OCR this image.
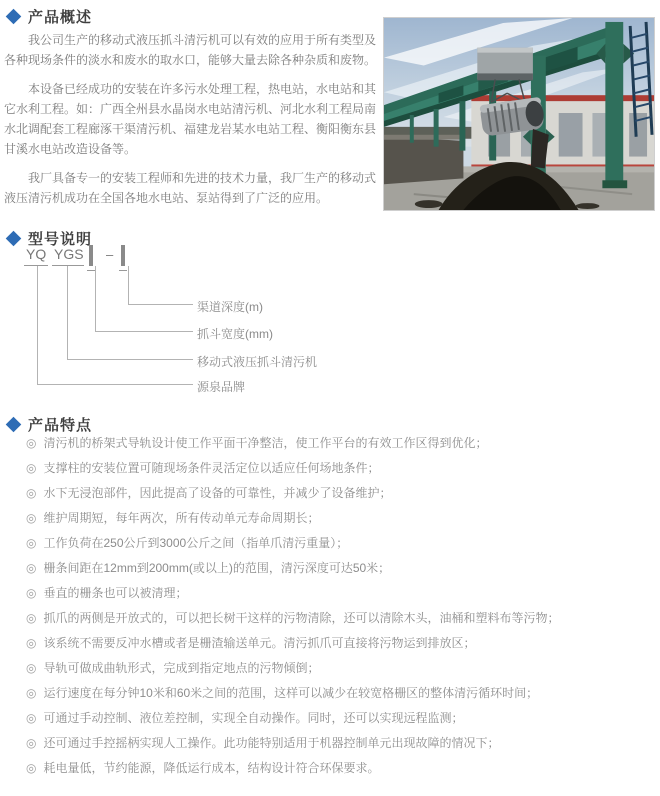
产品概述

我公司生产的移动式液压抓斗清污机可以有效的应用于所有类型及各种现场条件的淡水和废水的取水口，能够大量去除各种杂质和废物。

本设备已经成功的安装在许多污水处理工程，热电站，水电站和其它水利工程。如：广西全州县水晶岗水电站清污机、河北水利工程局南水北调配套工程廊涿干渠清污机、福建龙岩某水电站工程、衡阳衡东县甘溪水电站改造设备等。

我厂具备专一的安装工程师和先进的技术力量，我厂生产的移动式液压清污机成功在全国各地水电站、泵站得到了广泛的应用。

型号说明
YQ YGS –
渠道深度(m)
抓斗宽度(mm)
移动式液压抓斗清污机
源泉品牌
产品特点
◎ 清污机的桥架式导轨设计使工作平面干净整洁，使工作平台的有效工作区得到优化；
◎ 支撑柱的安装位置可随现场条件灵活定位以适应任何场地条件；
◎ 水下无浸泡部件，因此提高了设备的可靠性，并减少了设备维护；
◎ 维护周期短，每年两次，所有传动单元寿命周期长；
◎ 工作负荷在250公斤到3000公斤之间（指单爪清污重量）；
◎ 栅条间距在12mm到200mm(或以上)的范围，清污深度可达50米；
◎ 垂直的栅条也可以被清理；
◎ 抓爪的两侧是开放式的，可以把长树干这样的污物清除，还可以清除木头，油桶和塑料布等污物；
◎ 该系统不需要反冲水槽或者是栅渣输送单元。清污抓爪可直接将污物运到排放区；
◎ 导轨可做成曲轨形式，完成到指定地点的污物倾倒；
◎ 运行速度在每分钟10米和60米之间的范围，这样可以减少在较宽格栅区的整体清污循环时间；
◎ 可通过手动控制、液位差控制，实现全自动操作。同时，还可以实现远程监测；
◎ 还可通过手控摇柄实现人工操作。此功能特别适用于机器控制单元出现故障的情况下；
◎ 耗电量低，节约能源，降低运行成本，结构设计符合环保要求。
